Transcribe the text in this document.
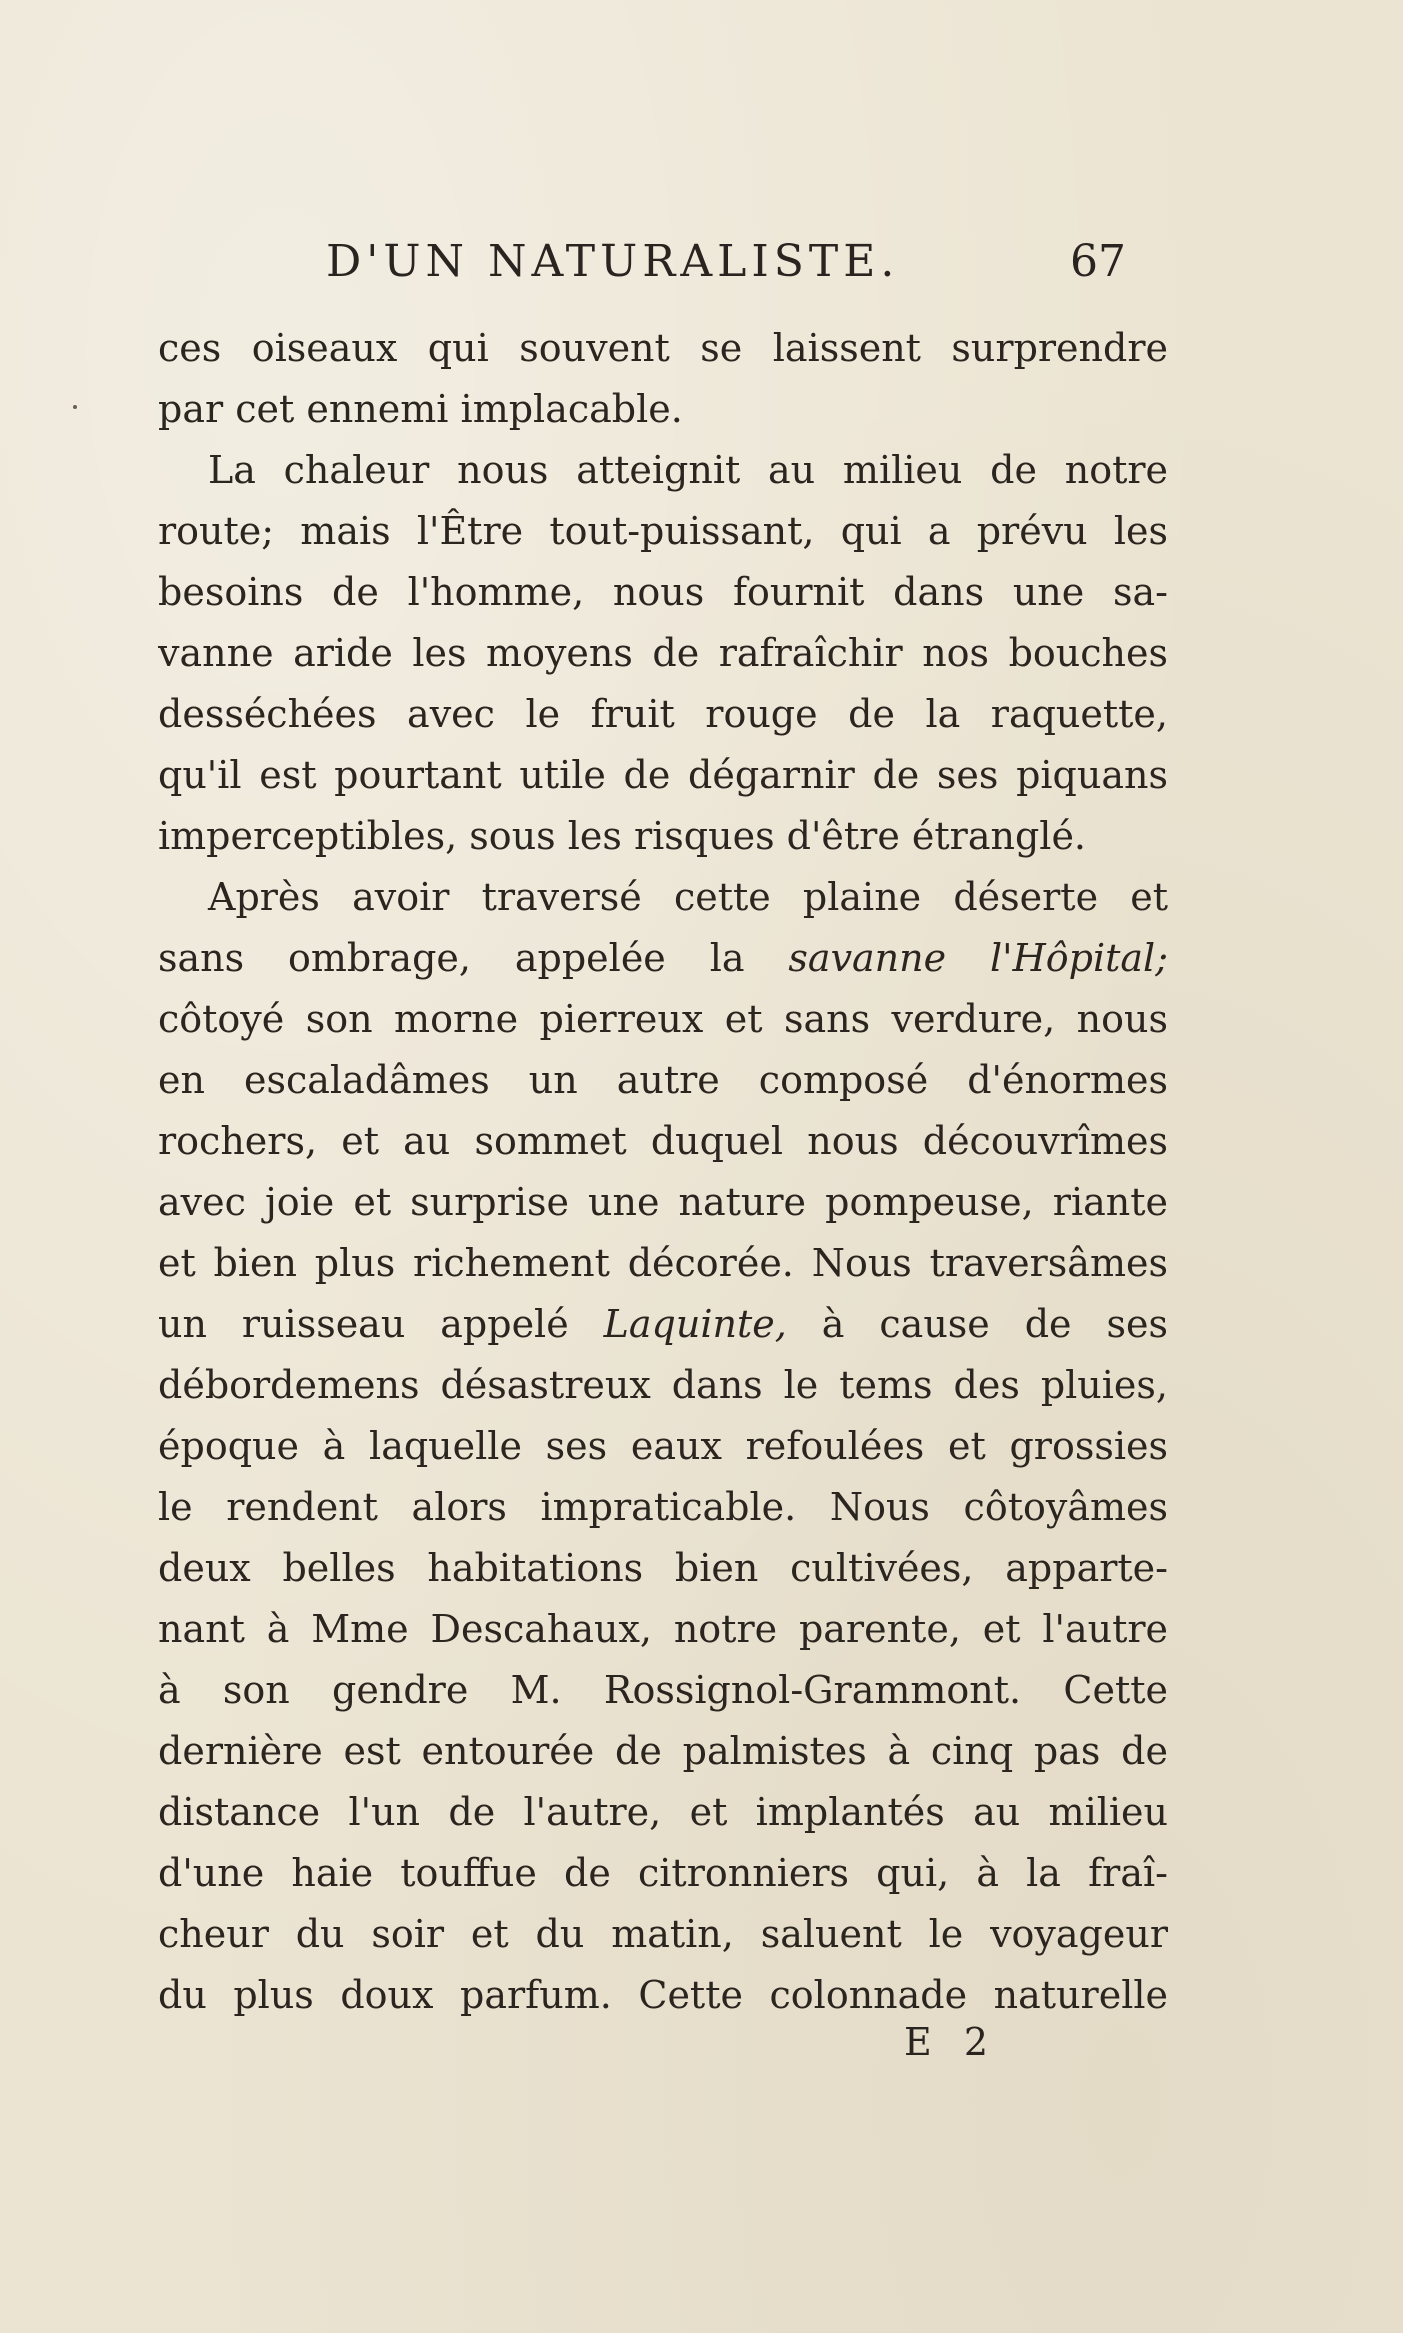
D'UN NATURALISTE.	67
ces oiseaux qui souvent se laissent surprendre
par cet ennemi implacable.
La chaleur nous atteignit au milieu de notre
route; mais l'Être tout-puissant, qui a prévu les
besoins de l'homme, nous fournit dans une sa-
vanne aride les moyens de rafraîchir nos bouches
desséchées avec le fruit rouge de la raquette,
qu'il est pourtant utile de dégarnir de ses piquans
imperceptibles, sous les risques d'être étranglé.
Après avoir traversé cette plaine déserte et
sans ombrage, appelée la savanne l'Hôpital;
côtoyé son morne pierreux et sans verdure, nous
en escaladâmes un autre composé d'énormes
rochers, et au sommet duquel nous découvrîmes
avec joie et surprise une nature pompeuse, riante
et bien plus richement décorée. Nous traversâmes
un ruisseau appelé Laquinte, à cause de ses
débordemens désastreux dans le tems des pluies,
époque à laquelle ses eaux refoulées et grossies
le rendent alors impraticable. Nous côtoyâmes
deux belles habitations bien cultivées, apparte-
nant à Mme Descahaux, notre parente, et l'autre
à son gendre M. Rossignol-Grammont. Cette
dernière est entourée de palmistes à cinq pas de
distance l'un de l'autre, et implantés au milieu
d'une haie touffue de citronniers qui, à la fraî-
cheur du soir et du matin, saluent le voyageur
du plus doux parfum. Cette colonnade naturelle
E 2
